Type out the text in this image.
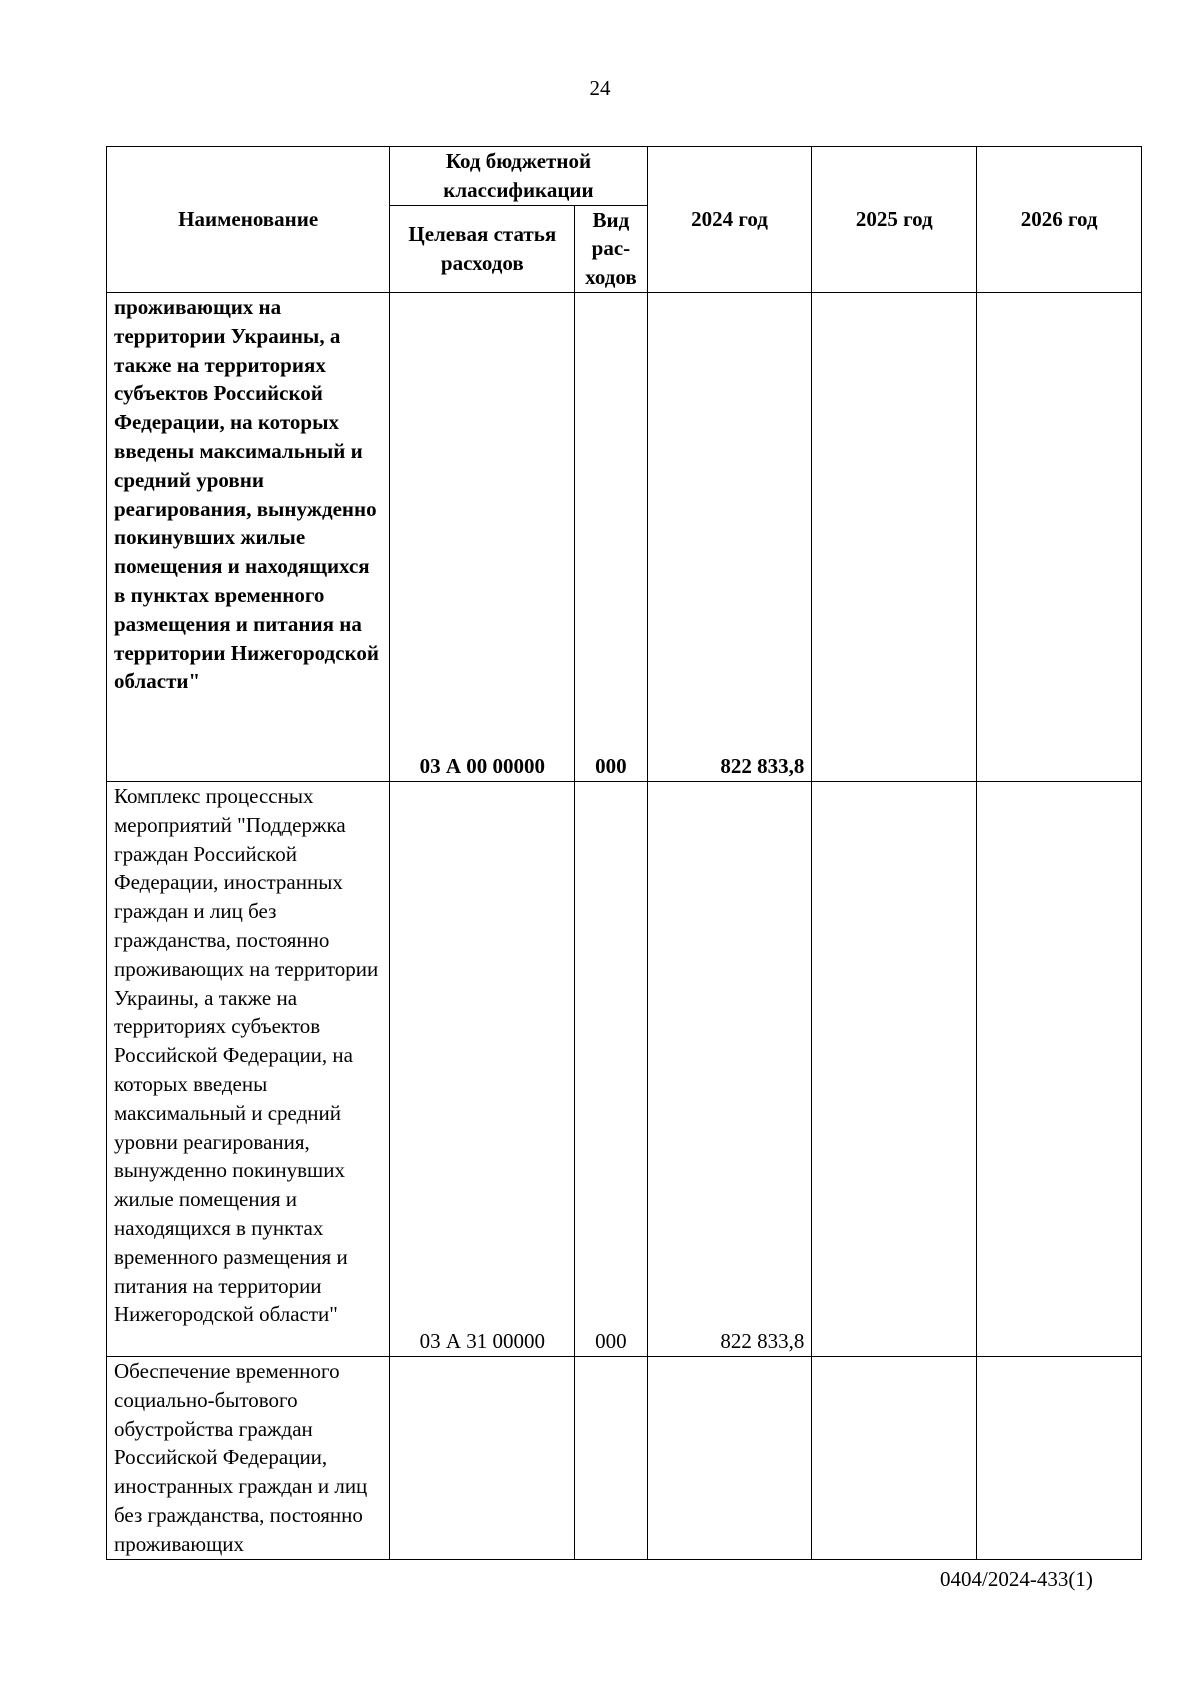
24
Наименование	Код бюджетной классификации		2024 год	2025 год	2026 год
	Целевая статья расходов	Вид рас-ходов			
проживающих на территории Украины, а также на территориях субъектов Российской Федерации, на которых введены максимальный и средний уровни реагирования, вынужденно покинувших жилые помещения и находящихся в пунктах временного размещения и питания на территории Нижегородской области"	03 А 00 00000	000	822 833,8		
Комплекс процессных мероприятий "Поддержка граждан Российской Федерации, иностранных граждан и лиц без гражданства, постоянно проживающих на территории Украины, а также на территориях субъектов Российской Федерации, на которых введены максимальный и средний уровни реагирования, вынужденно покинувших жилые помещения и находящихся в пунктах временного размещения и питания на территории Нижегородской области"	03 А 31 00000	000	822 833,8		
Обеспечение временного социально-бытового обустройства граждан Российской Федерации, иностранных граждан и лиц без гражданства, постоянно проживающих					
0404/2024-433(1)
